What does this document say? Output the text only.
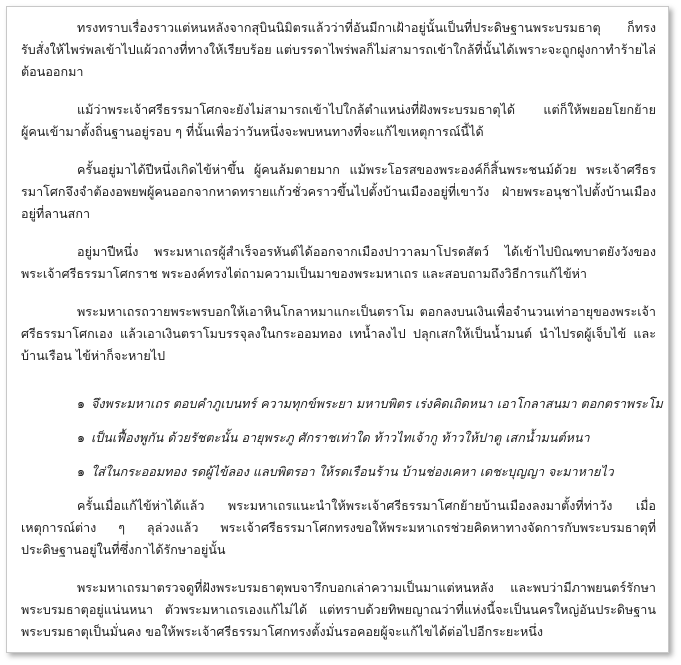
ทรงทราบเรื่องราวแต่หนหลังจากสุบินนิมิตรแล้วว่าที่อันมีกาเฝ้าอยู่นั้นเป็นที่ประดิษฐานพระบรมธาตุ ก็ทรงรับสั่งให้ไพร่พลเข้าไปแผ้วถางที่ทางให้เรียบร้อย แต่บรรดาไพร่พลก็ไม่สามารถเข้าใกล้ที่นั้นได้เพราะจะถูกฝูงกาทำร้ายไล่ต้อนออกมา

แม้ว่าพระเจ้าศรีธรรมาโศกจะยังไม่สามารถเข้าไปใกล้ตำแหน่งที่ฝังพระบรมธาตุได้ แต่ก็ให้พยอยโยกย้ายผู้คนเข้ามาตั้งถิ่นฐานอยู่รอบ ๆ ที่นั้นเพื่อว่าวันหนึ่งจะพบหนทางที่จะแก้ไขเหตุการณ์นี้ได้

ครั้นอยู่มาได้ปีหนึ่งเกิดไข้ห่าขึ้น ผู้คนล้มตายมาก แม้พระโอรสของพระองค์ก็สิ้นพระชนม์ด้วย พระเจ้าศรีธรรมาโศกจึงจำต้องอพยพผู้คนออกจากหาดทรายแก้วชั่วคราวขึ้นไปตั้งบ้านเมืองอยู่ที่เขาวัง ฝ่ายพระอนุชาไปตั้งบ้านเมืองอยู่ที่ลานสกา

อยู่มาปีหนึ่ง พระมหาเถรผู้สำเร็จอรหันต์ได้ออกจากเมืองปาวาลมาโปรดสัตว์ ได้เข้าไปบิณฑบาตยังวังของพระเจ้าศรีธรรมาโศกราช พระองค์ทรงไต่ถามความเป็นมาของพระมหาเถร และสอบถามถึงวิธีการแก้ไข้ห่า

พระมหาเถรถวายพระพรบอกให้เอาหินโกลาหมาแกะเป็นตราโม ตอกลงบนเงินเพื่อจำนวนเท่าอายุของพระเจ้าศรีธรรมาโศกเอง แล้วเอาเงินตราโมบรรจุลงในกระออมทอง เทน้ำลงไป ปลุกเสกให้เป็นน้ำมนต์ นำไปรดผู้เจ็บไข้ และบ้านเรือน ไข้ห่าก็จะหายไป

๑ จึงพระมหาเถร ตอบคำภูเบนทร์ ความทุกข์พระยา มหาบพิตร เร่งคิดเถิดหนา เอาโกลาสนมา ตอกตราพระโม
๑ เป็นเฟื้องพูกัน ด้วยรัชตะนั้น อายุพระภู ศักราชเท่าใด ท้าวไทเจ้ากู ท้าวให้ปาตู เสกน้ำมนต์หนา
๑ ใส่ในกระออมทอง รดผู้ไข้ลอง แลบพิตรอา ให้รดเรือนร้าน บ้านช่องเคหา เดชะบุญญา จะมาหายไว

ครั้นเมื่อแก้ไข้ห่าได้แล้ว พระมหาเถรแนะนำให้พระเจ้าศรีธรรมาโศกย้ายบ้านเมืองลงมาตั้งที่ท่าวัง เมื่อเหตุการณ์ต่าง ๆ ลุล่วงแล้ว พระเจ้าศรีธรรมาโศกทรงขอให้พระมหาเถรช่วยคิดหาทางจัดการกับพระบรมธาตุที่ประดิษฐานอยู่ในที่ซึ่งกาได้รักษาอยู่นั้น

พระมหาเถรมาตรวจดูที่ฝังพระบรมธาตุพบจารึกบอกเล่าความเป็นมาแต่หนหลัง และพบว่ามีภาพยนตร์รักษาพระบรมธาตุอยู่แน่นหนา ตัวพระมหาเถรเองแก้ไม่ได้ แต่ทราบด้วยทิพยญาณว่าที่แห่งนี้จะเป็นนครใหญ่อันประดิษฐานพระบรมธาตุเป็นมั่นคง ขอให้พระเจ้าศรีธรรมาโศกทรงตั้งมั่นรอคอยผู้จะแก้ไขได้ต่อไปอีกระยะหนึ่ง
